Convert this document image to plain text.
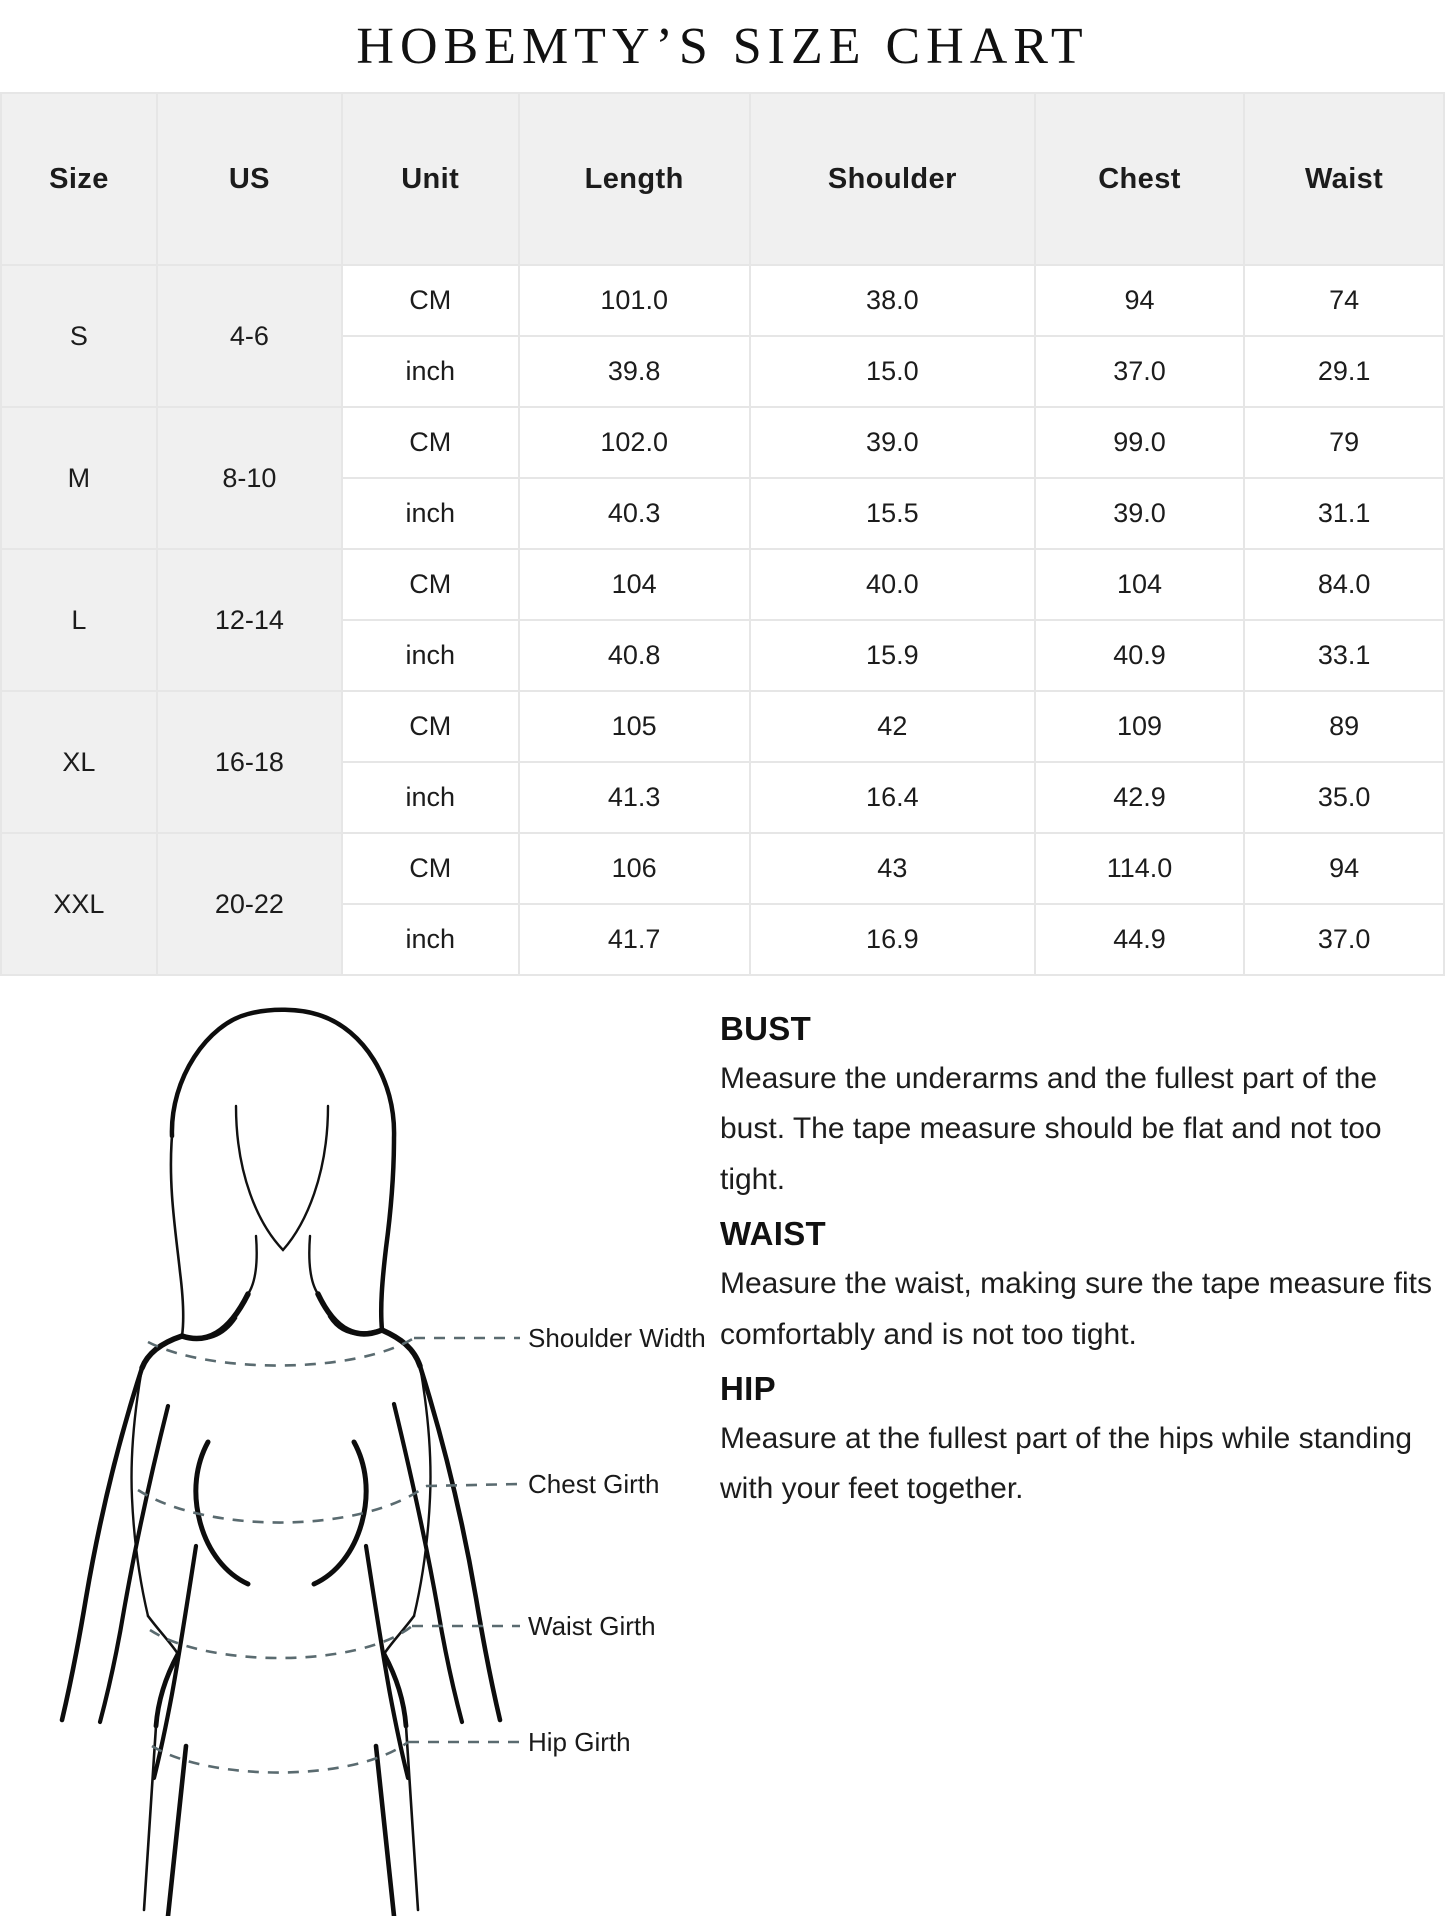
HOBEMTY’S SIZE CHART
Size	US	Unit	Length	Shoulder	Chest	Waist
S	4-6	CM	101.0	38.0	94	74
		inch	39.8	15.0	37.0	29.1
M	8-10	CM	102.0	39.0	99.0	79
		inch	40.3	15.5	39.0	31.1
L	12-14	CM	104	40.0	104	84.0
		inch	40.8	15.9	40.9	33.1
XL	16-18	CM	105	42	109	89
		inch	41.3	16.4	42.9	35.0
XXL	20-22	CM	106	43	114.0	94
		inch	41.7	16.9	44.9	37.0
Shoulder Width
Chest Girth
Waist Girth
Hip Girth
BUST
Measure the underarms and the fullest part of the bust. The tape measure should be flat and not too tight.
WAIST
Measure the waist, making sure the tape measure fits comfortably and is not too tight.
HIP
Measure at the fullest part of the hips while standing with your feet together.
